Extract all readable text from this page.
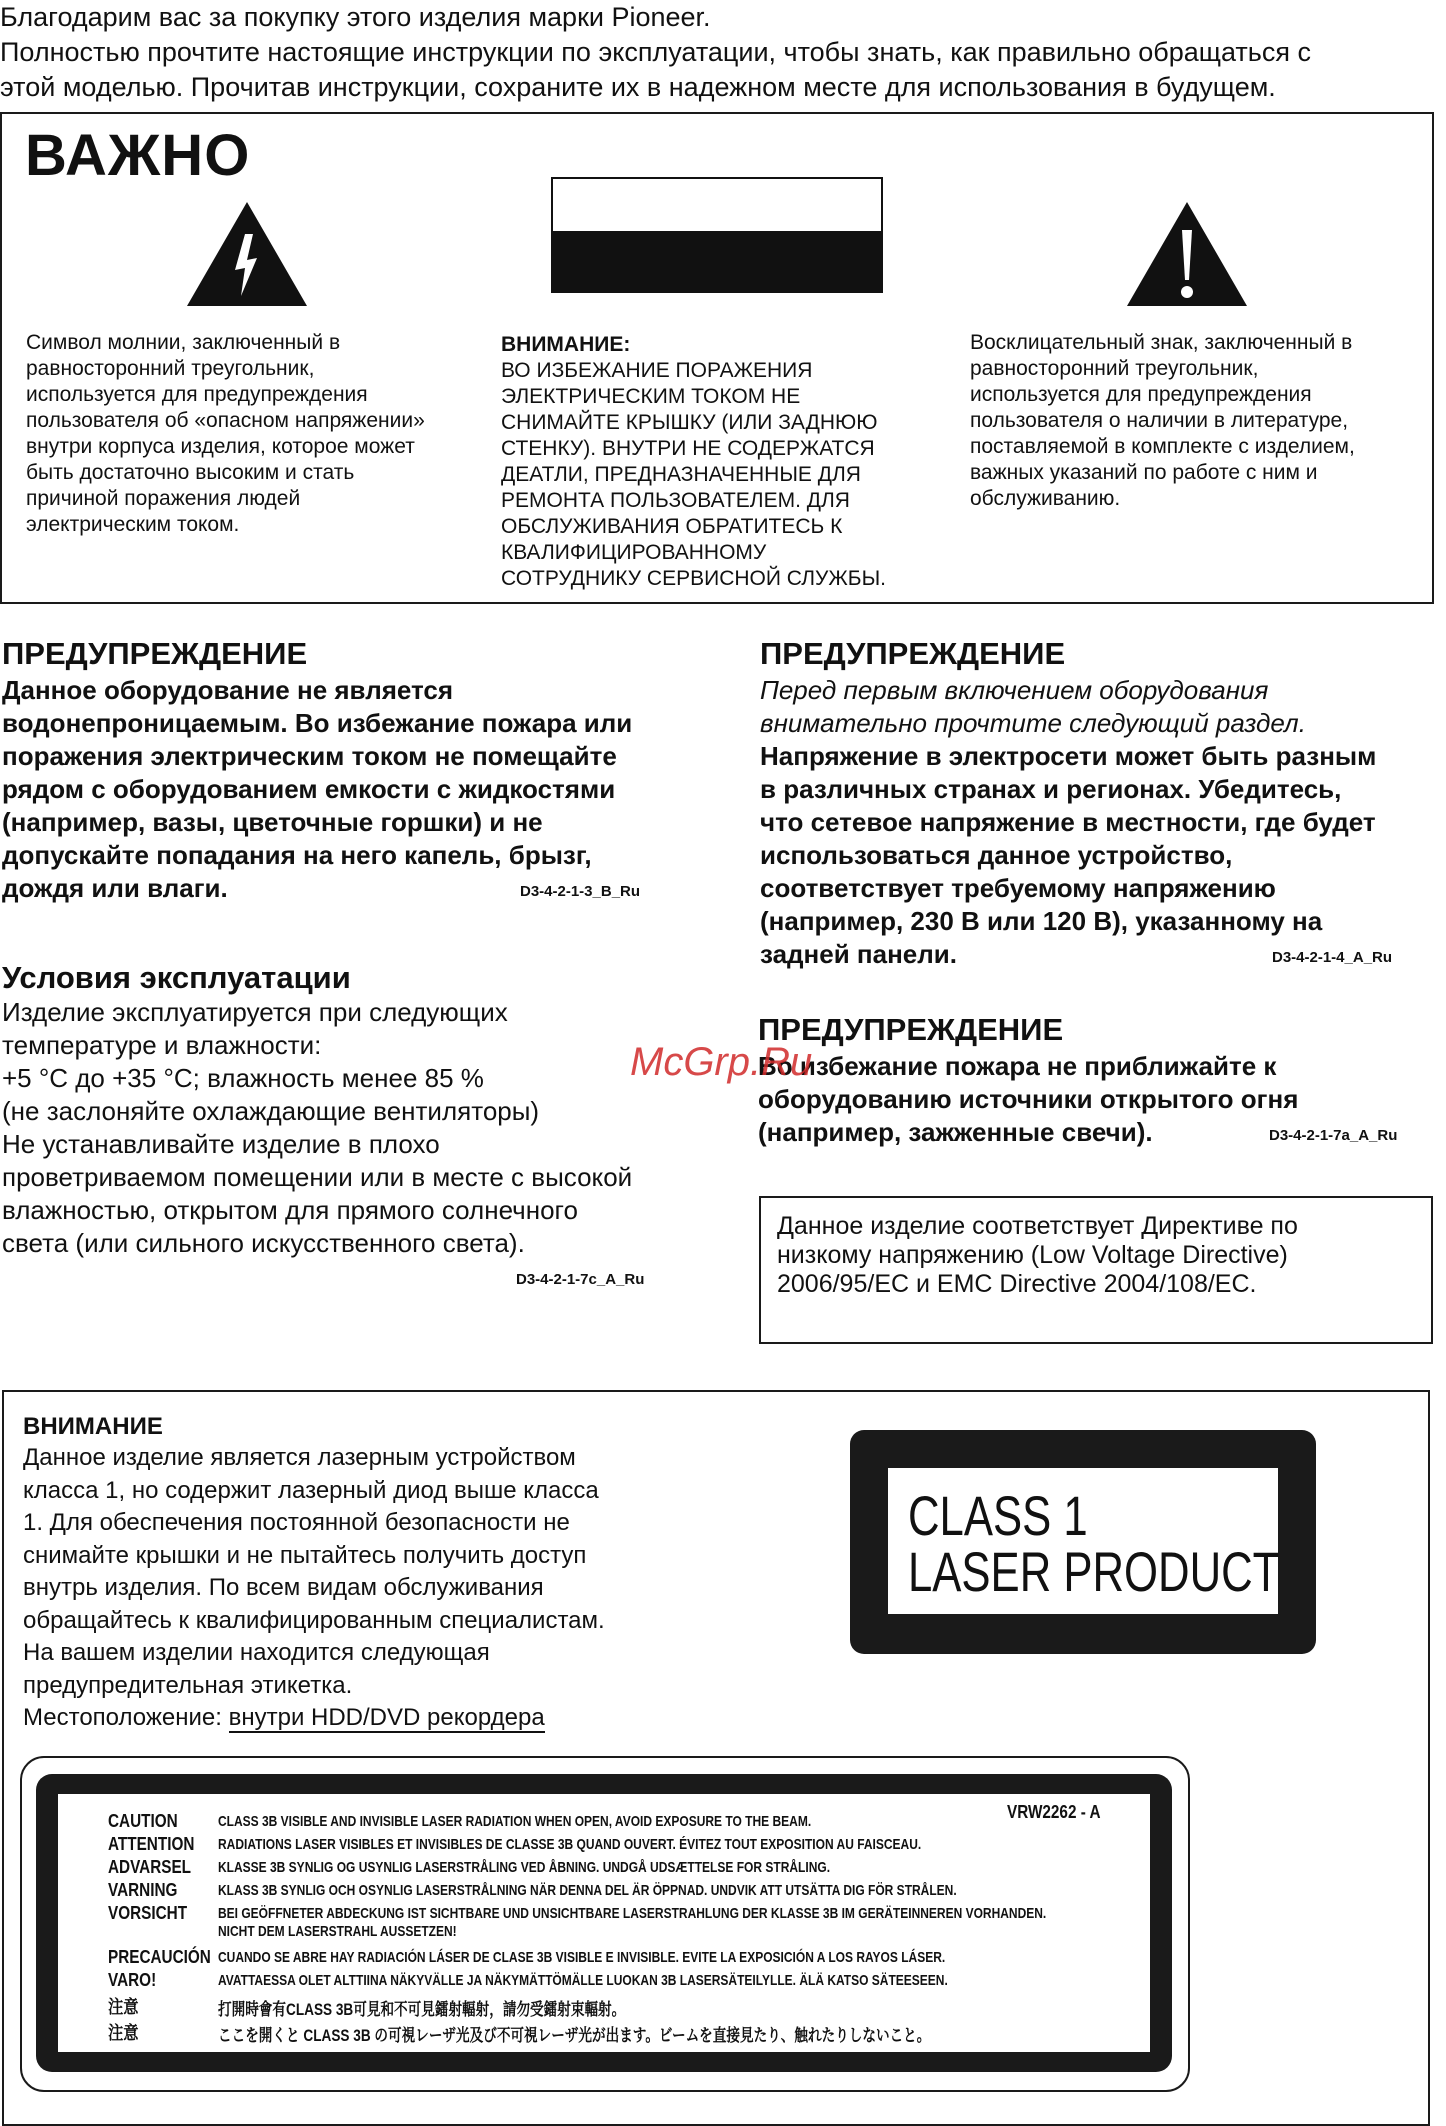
Благодарим вас за покупку этого изделия марки Pioneer.

Полностью прочтите настоящие инструкции по эксплуатации, чтобы знать, как правильно обращаться с

этой моделью. Прочитав инструкции, сохраните их в надежном месте для использования в будущем.

ВАЖНО
Символ молнии, заключенный в
равносторонний треугольник,
используется для предупреждения
пользователя об «опасном напряжении»
внутри корпуса изделия, которое может
быть достаточно высоким и стать
причиной поражения людей
электрическим током.
ВНИМАНИЕ:
ВО ИЗБЕЖАНИЕ ПОРАЖЕНИЯ
ЭЛЕКТРИЧЕСКИМ ТОКОМ НЕ
СНИМАЙТЕ КРЫШКУ (ИЛИ ЗАДНЮЮ
СТЕНКУ). ВНУТРИ НЕ СОДЕРЖАТСЯ
ДЕАТЛИ, ПРЕДНАЗНАЧЕННЫЕ ДЛЯ
РЕМОНТА ПОЛЬЗОВАТЕЛЕМ. ДЛЯ
ОБСЛУЖИВАНИЯ ОБРАТИТЕСЬ К
КВАЛИФИЦИРОВАННОМУ
СОТРУДНИКУ СЕРВИСНОЙ СЛУЖБЫ.
Восклицательный знак, заключенный в
равносторонний треугольник,
используется для предупреждения
пользователя о наличии в литературе,
поставляемой в комплекте с изделием,
важных указаний по работе с ним и
обслуживанию.
ПРЕДУПРЕЖДЕНИЕ
Данное оборудование не является
водонепроницаемым. Во избежание пожара или
поражения электрическим током не помещайте
рядом с оборудованием емкости с жидкостями
(например, вазы, цветочные горшки) и не
допускайте попадания на него капель, брызг,
дождя или влаги.	D3-4-2-1-3_B_Ru
Условия эксплуатации
Изделие эксплуатируется при следующих
температуре и влажности:
+5 °C до +35 °C; влажность менее 85 %
(не заслоняйте охлаждающие вентиляторы)
Не устанавливайте изделие в плохо
проветриваемом помещении или в месте с высокой
влажностью, открытом для прямого солнечного
света (или сильного искусственного света).
D3-4-2-1-7c_A_Ru
ПРЕДУПРЕЖДЕНИЕ
Перед первым включением оборудования
внимательно прочтите следующий раздел.
Напряжение в электросети может быть разным
в различных странах и регионах. Убедитесь,
что сетевое напряжение в местности, где будет
использоваться данное устройство,
соответствует требуемому напряжению
(например, 230 В или 120 В), указанному на
задней панели.	D3-4-2-1-4_A_Ru
ПРЕДУПРЕЖДЕНИЕ
Во избежание пожара не приближайте к
оборудованию источники открытого огня
(например, зажженные свечи).	D3-4-2-1-7a_A_Ru
Данное изделие соответствует Директиве по
низкому напряжению (Low Voltage Directive)
2006/95/EC и EMC Directive 2004/108/EC.
McGrp.Ru
ВНИМАНИЕ
Данное изделие является лазерным устройством
класса 1, но содержит лазерный диод выше класса
1. Для обеспечения постоянной безопасности не
снимайте крышки и не пытайтесь получить доступ
внутрь изделия. По всем видам обслуживания
обращайтесь к квалифицированным специалистам.
На вашем изделии находится следующая
предупредительная этикетка.
Местоположение: внутри HDD/DVD рекордера
CLASS 1
LASER PRODUCT
VRW2262 - A
CAUTION	CLASS 3B VISIBLE AND INVISIBLE LASER RADIATION WHEN OPEN, AVOID EXPOSURE TO THE BEAM.
ATTENTION RADIATIONS LASER VISIBLES ET INVISIBLES DE CLASSE 3B QUAND OUVERT. ÉVITEZ TOUT EXPOSITION AU FAISCEAU.
ADVARSEL KLASSE 3B SYNLIG OG USYNLIG LASERSTRÅLING VED ÅBNING. UNDGÅ UDSÆTTELSE FOR STRÅLING.
VARNING	KLASS 3B SYNLIG OCH OSYNLIG LASERSTRÅLNING NÄR DENNA DEL ÄR ÖPPNAD. UNDVIK ATT UTSÄTTA DIG FÖR STRÅLEN.
VORSICHT BEI GEÖFFNETER ABDECKUNG IST SICHTBARE UND UNSICHTBARE LASERSTRAHLUNG DER KLASSE 3B IM GERÄTEINNEREN VORHANDEN.
NICHT DEM LASERSTRAHL AUSSETZEN!
PRECAUCIÓN CUANDO SE ABRE HAY RADIACIÓN LÁSER DE CLASE 3B VISIBLE E INVISIBLE. EVITE LA EXPOSICIÓN A LOS RAYOS LÁSER.
VARO!	AVATTAESSA OLET ALTTIINA NÄKYVÄLLE JA NÄKYMÄTTÖMÄLLE LUOKAN 3B LASERSÄTEILYLLE. ÄLÄ KATSO SÄTEESEEN.
注意	打開時會有CLASS 3B可見和不可見鐳射輻射，請勿受鐳射束輻射。
注意	ここを開くと CLASS 3B の可視レーザ光及び不可視レーザ光が出ます。ビームを直接見たり、触れたりしないこと。
